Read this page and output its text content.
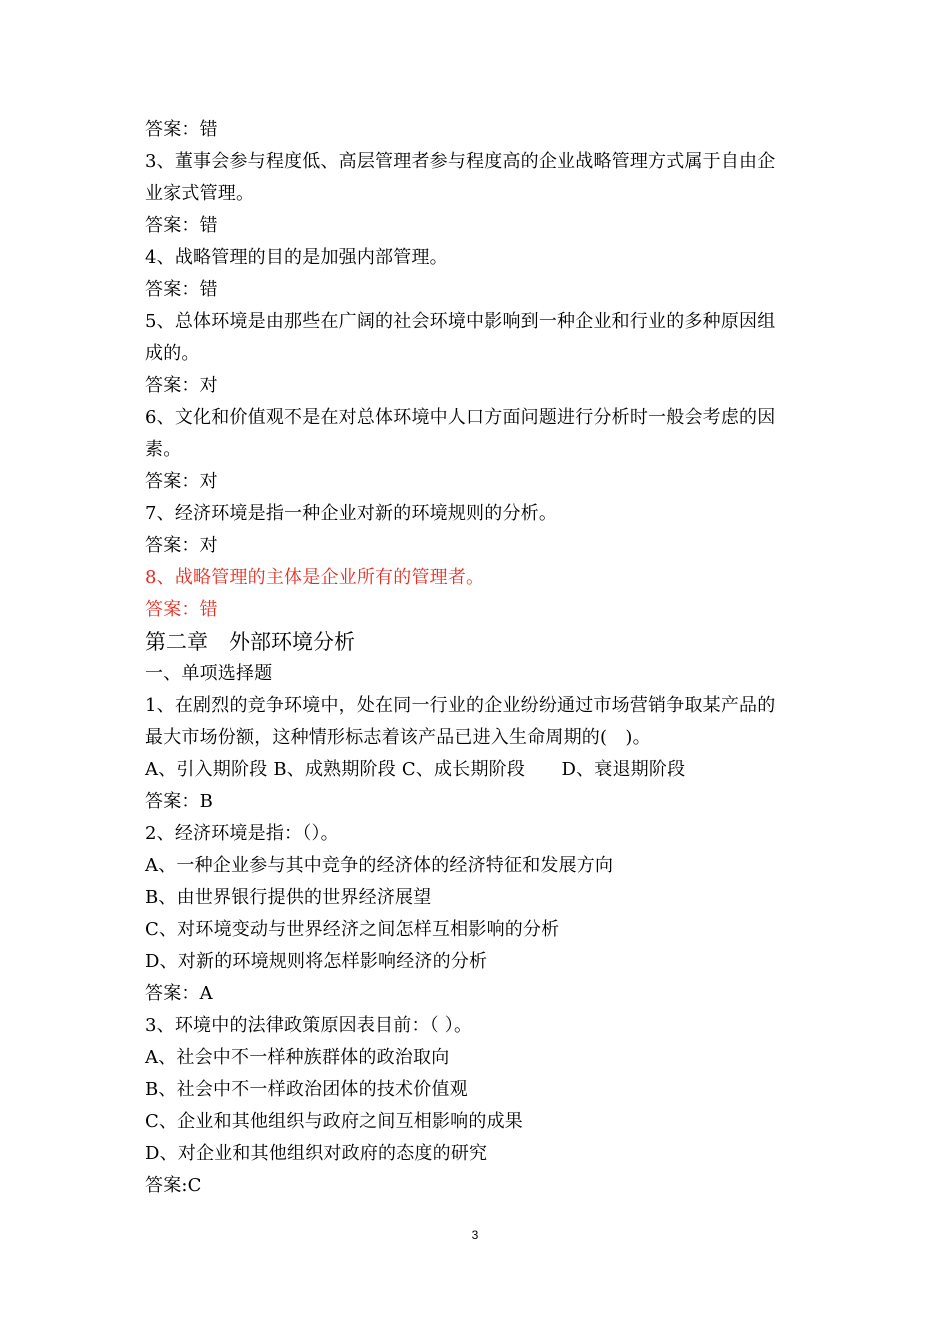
答案：错
3、董事会参与程度低、高层管理者参与程度高的企业战略管理方式属于自由企
业家式管理。
答案：错
4、战略管理的目的是加强内部管理。
答案：错
5、总体环境是由那些在广阔的社会环境中影响到一种企业和行业的多种原因组
成的。
答案：对
6、文化和价值观不是在对总体环境中人口方面问题进行分析时一般会考虑的因
素。
答案：对
7、经济环境是指一种企业对新的环境规则的分析。
答案：对
8、战略管理的主体是企业所有的管理者。
答案：错
第二章　外部环境分析
一、单项选择题
1、在剧烈的竞争环境中，处在同一行业的企业纷纷通过市场营销争取某产品的
最大市场份额，这种情形标志着该产品已进入生命周期的(　)。
A、引入期阶段 B、成熟期阶段 C、成长期阶段　　D、衰退期阶段
答案：B
2、经济环境是指：（）。
A、一种企业参与其中竞争的经济体的经济特征和发展方向
B、由世界银行提供的世界经济展望
C、对环境变动与世界经济之间怎样互相影响的分析
D、对新的环境规则将怎样影响经济的分析
答案：A
3、环境中的法律政策原因表目前：（ ）。
A、社会中不一样种族群体的政治取向
B、社会中不一样政治团体的技术价值观
C、企业和其他组织与政府之间互相影响的成果
D、对企业和其他组织对政府的态度的研究
答案:C
3
